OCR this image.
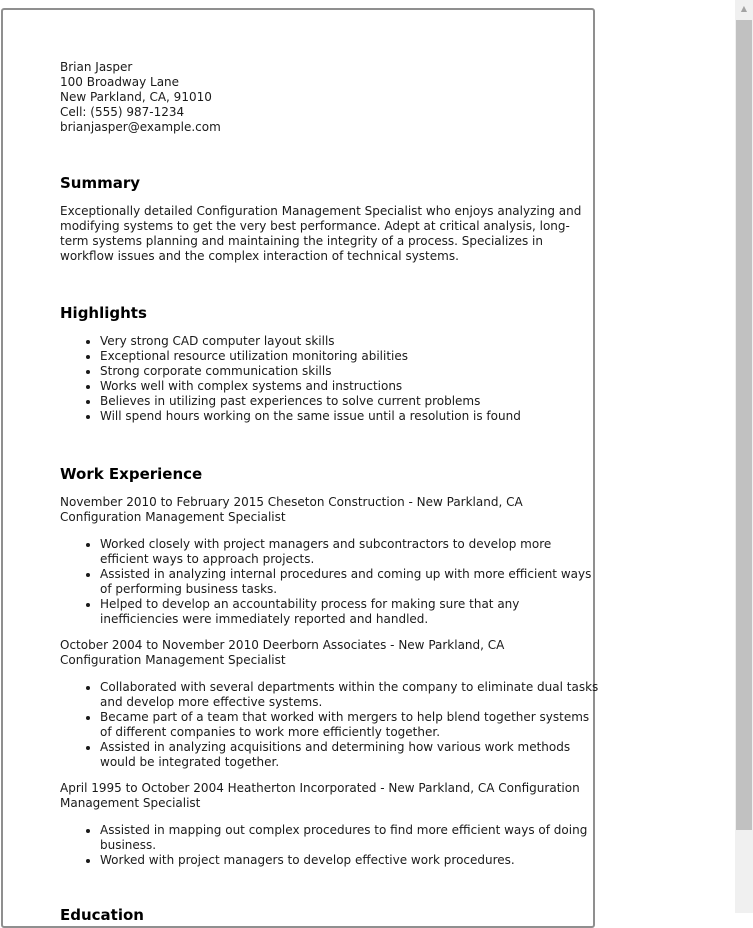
Brian Jasper

100 Broadway Lane

New Parkland, CA, 91010

Cell: (555) 987-1234

brianjasper@example.com

Summary

Exceptionally detailed Configuration Management Specialist who enjoys analyzing and modifying systems to get the very best performance. Adept at critical analysis, long-term systems planning and maintaining the integrity of a process. Specializes in workflow issues and the complex interaction of technical systems.

Highlights
• Very strong CAD computer layout skills
• Exceptional resource utilization monitoring abilities
• Strong corporate communication skills
• Works well with complex systems and instructions
• Believes in utilizing past experiences to solve current problems
• Will spend hours working on the same issue until a resolution is found
Work Experience

November 2010 to February 2015 Cheseton Construction - New Parkland, CA Configuration Management Specialist

• Worked closely with project managers and subcontractors to develop more efficient ways to approach projects.
• Assisted in analyzing internal procedures and coming up with more efficient ways of performing business tasks.
• Helped to develop an accountability process for making sure that any inefficiencies were immediately reported and handled.

October 2004 to November 2010 Deerborn Associates - New Parkland, CA Configuration Management Specialist

• Collaborated with several departments within the company to eliminate dual tasks and develop more effective systems.
• Became part of a team that worked with mergers to help blend together systems of different companies to work more efficiently together.
• Assisted in analyzing acquisitions and determining how various work methods would be integrated together.

April 1995 to October 2004 Heatherton Incorporated - New Parkland, CA Configuration Management Specialist

• Assisted in mapping out complex procedures to find more efficient ways of doing business.
• Worked with project managers to develop effective work procedures.
Education
▲
